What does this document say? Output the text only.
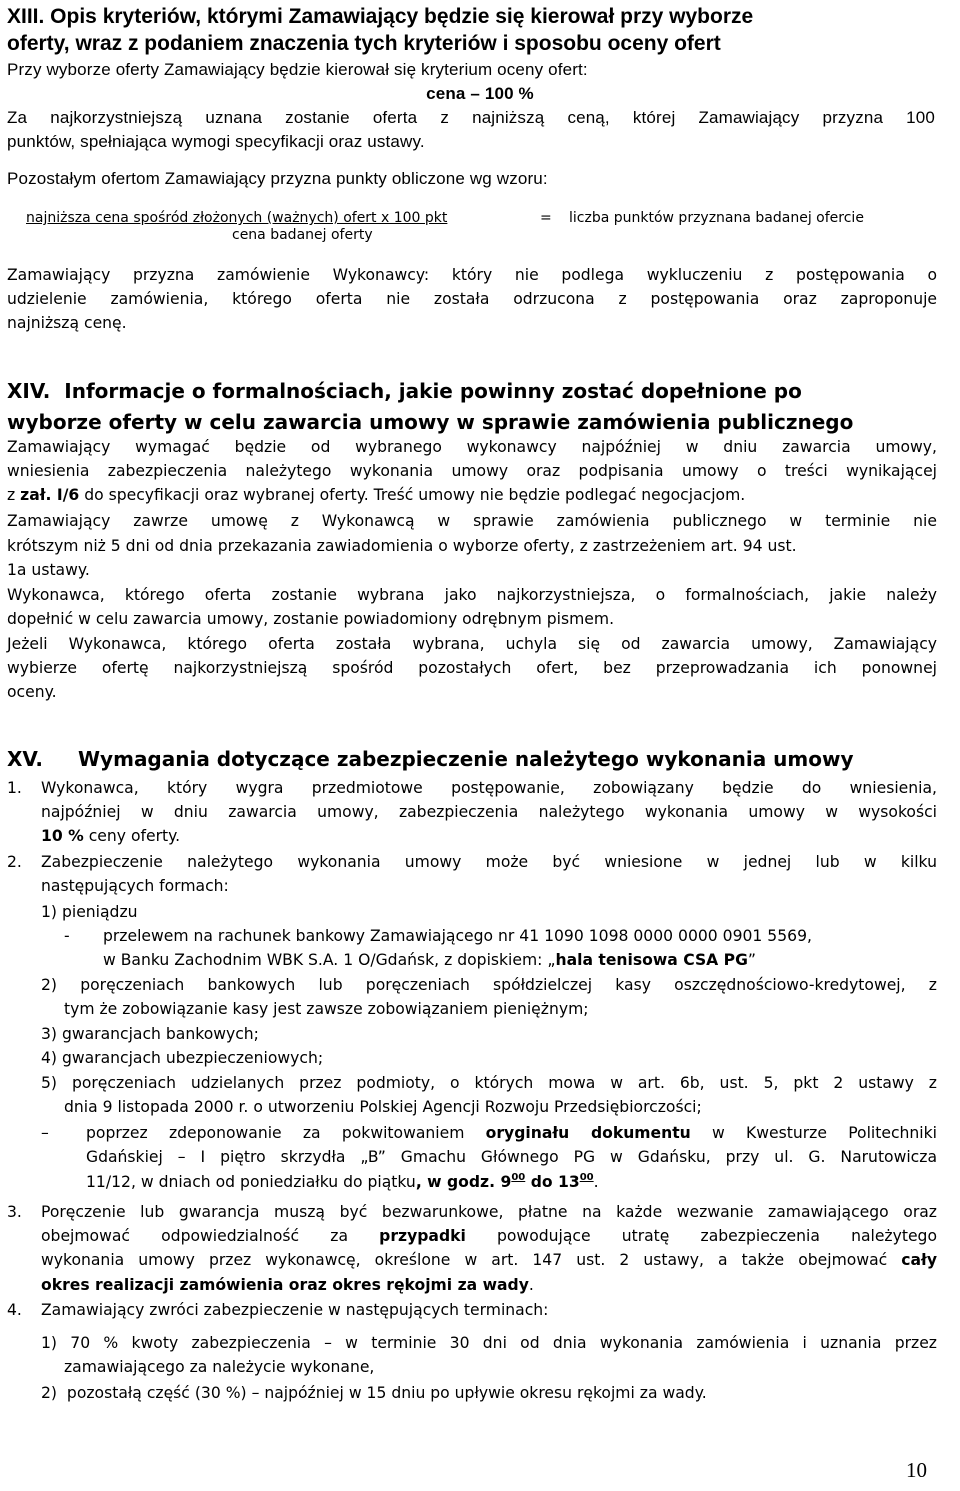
XIII. Opis kryteriów, którymi Zamawiający będzie się kierował przy wyborze
oferty, wraz z podaniem znaczenia tych kryteriów i sposobu oceny ofert
Przy wyborze oferty Zamawiający będzie kierował się kryterium oceny ofert:
cena – 100 %
Za najkorzystniejszą uznana zostanie oferta z najniższą ceną, której Zamawiający przyzna 100
punktów, spełniająca wymogi specyfikacji oraz ustawy.
Pozostałym ofertom Zamawiający przyzna punkty obliczone wg wzoru:
najniższa cena spośród złożonych (ważnych) ofert x 100 pkt
cena badanej oferty
= liczba punktów przyznana badanej ofercie
Zamawiający przyzna zamówienie Wykonawcy: który nie podlega wykluczeniu z postępowania o
udzielenie zamówienia, którego oferta nie została odrzucona z postępowania oraz zaproponuje
najniższą cenę.
XIV.  Informacje o formalnościach, jakie powinny zostać dopełnione po
wyborze oferty w celu zawarcia umowy w sprawie zamówienia publicznego
Zamawiający wymagać będzie od wybranego wykonawcy najpóźniej w dniu zawarcia umowy,
wniesienia zabezpieczenia należytego wykonania umowy oraz podpisania umowy o treści wynikającej
z zał. I/6 do specyfikacji oraz wybranej oferty. Treść umowy nie będzie podlegać negocjacjom.
Zamawiający zawrze umowę z Wykonawcą w sprawie zamówienia publicznego w terminie nie
krótszym niż 5 dni od dnia przekazania zawiadomienia o wyborze oferty, z zastrzeżeniem art. 94 ust.
1a ustawy.
Wykonawca, którego oferta zostanie wybrana jako najkorzystniejsza, o formalnościach, jakie należy
dopełnić w celu zawarcia umowy, zostanie powiadomiony odrębnym pismem.
Jeżeli Wykonawca, którego oferta została wybrana, uchyla się od zawarcia umowy, Zamawiający
wybierze ofertę najkorzystniejszą spośród pozostałych ofert, bez przeprowadzania ich ponownej
oceny.
XV. Wymagania dotyczące zabezpieczenie należytego wykonania umowy
1. Wykonawca, który wygra przedmiotowe postępowanie, zobowiązany będzie do wniesienia,
najpóźniej w dniu zawarcia umowy, zabezpieczenia należytego wykonania umowy w wysokości
10 % ceny oferty.
2. Zabezpieczenie należytego wykonania umowy może być wniesione w jednej lub w kilku
następujących formach:
1) pieniądzu
- przelewem na rachunek bankowy Zamawiającego nr 41 1090 1098 0000 0000 0901 5569,
w Banku Zachodnim WBK S.A. 1 O/Gdańsk, z dopiskiem: „hala tenisowa CSA PG”
2) poręczeniach bankowych lub poręczeniach spółdzielczej kasy oszczędnościowo-kredytowej, z
tym że zobowiązanie kasy jest zawsze zobowiązaniem pieniężnym;
3) gwarancjach bankowych;
4) gwarancjach ubezpieczeniowych;
5) poręczeniach udzielanych przez podmioty, o których mowa w art. 6b, ust. 5, pkt 2 ustawy z
dnia 9 listopada 2000 r. o utworzeniu Polskiej Agencji Rozwoju Przedsiębiorczości;
– poprzez zdeponowanie za pokwitowaniem oryginału dokumentu w Kwesturze Politechniki
Gdańskiej – I piętro skrzydła „B” Gmachu Głównego PG w Gdańsku, przy ul. G. Narutowicza
11/12, w dniach od poniedziałku do piątku, w godz. $9^{00}$ do $13^{00}$.
3. Poręczenie lub gwarancja muszą być bezwarunkowe, płatne na każde wezwanie zamawiającego oraz
obejmować odpowiedzialność za przypadki powodujące utratę zabezpieczenia należytego
wykonania umowy przez wykonawcę, określone w art. 147 ust. 2 ustawy, a także obejmować cały
okres realizacji zamówienia oraz okres rękojmi za wady.
4. Zamawiający zwróci zabezpieczenie w następujących terminach:
1) 70 % kwoty zabezpieczenia – w terminie 30 dni od dnia wykonania zamówienia i uznania przez
zamawiającego za należycie wykonane,
2)  pozostałą część (30 %) – najpóźniej w 15 dniu po upływie okresu rękojmi za wady.
10
